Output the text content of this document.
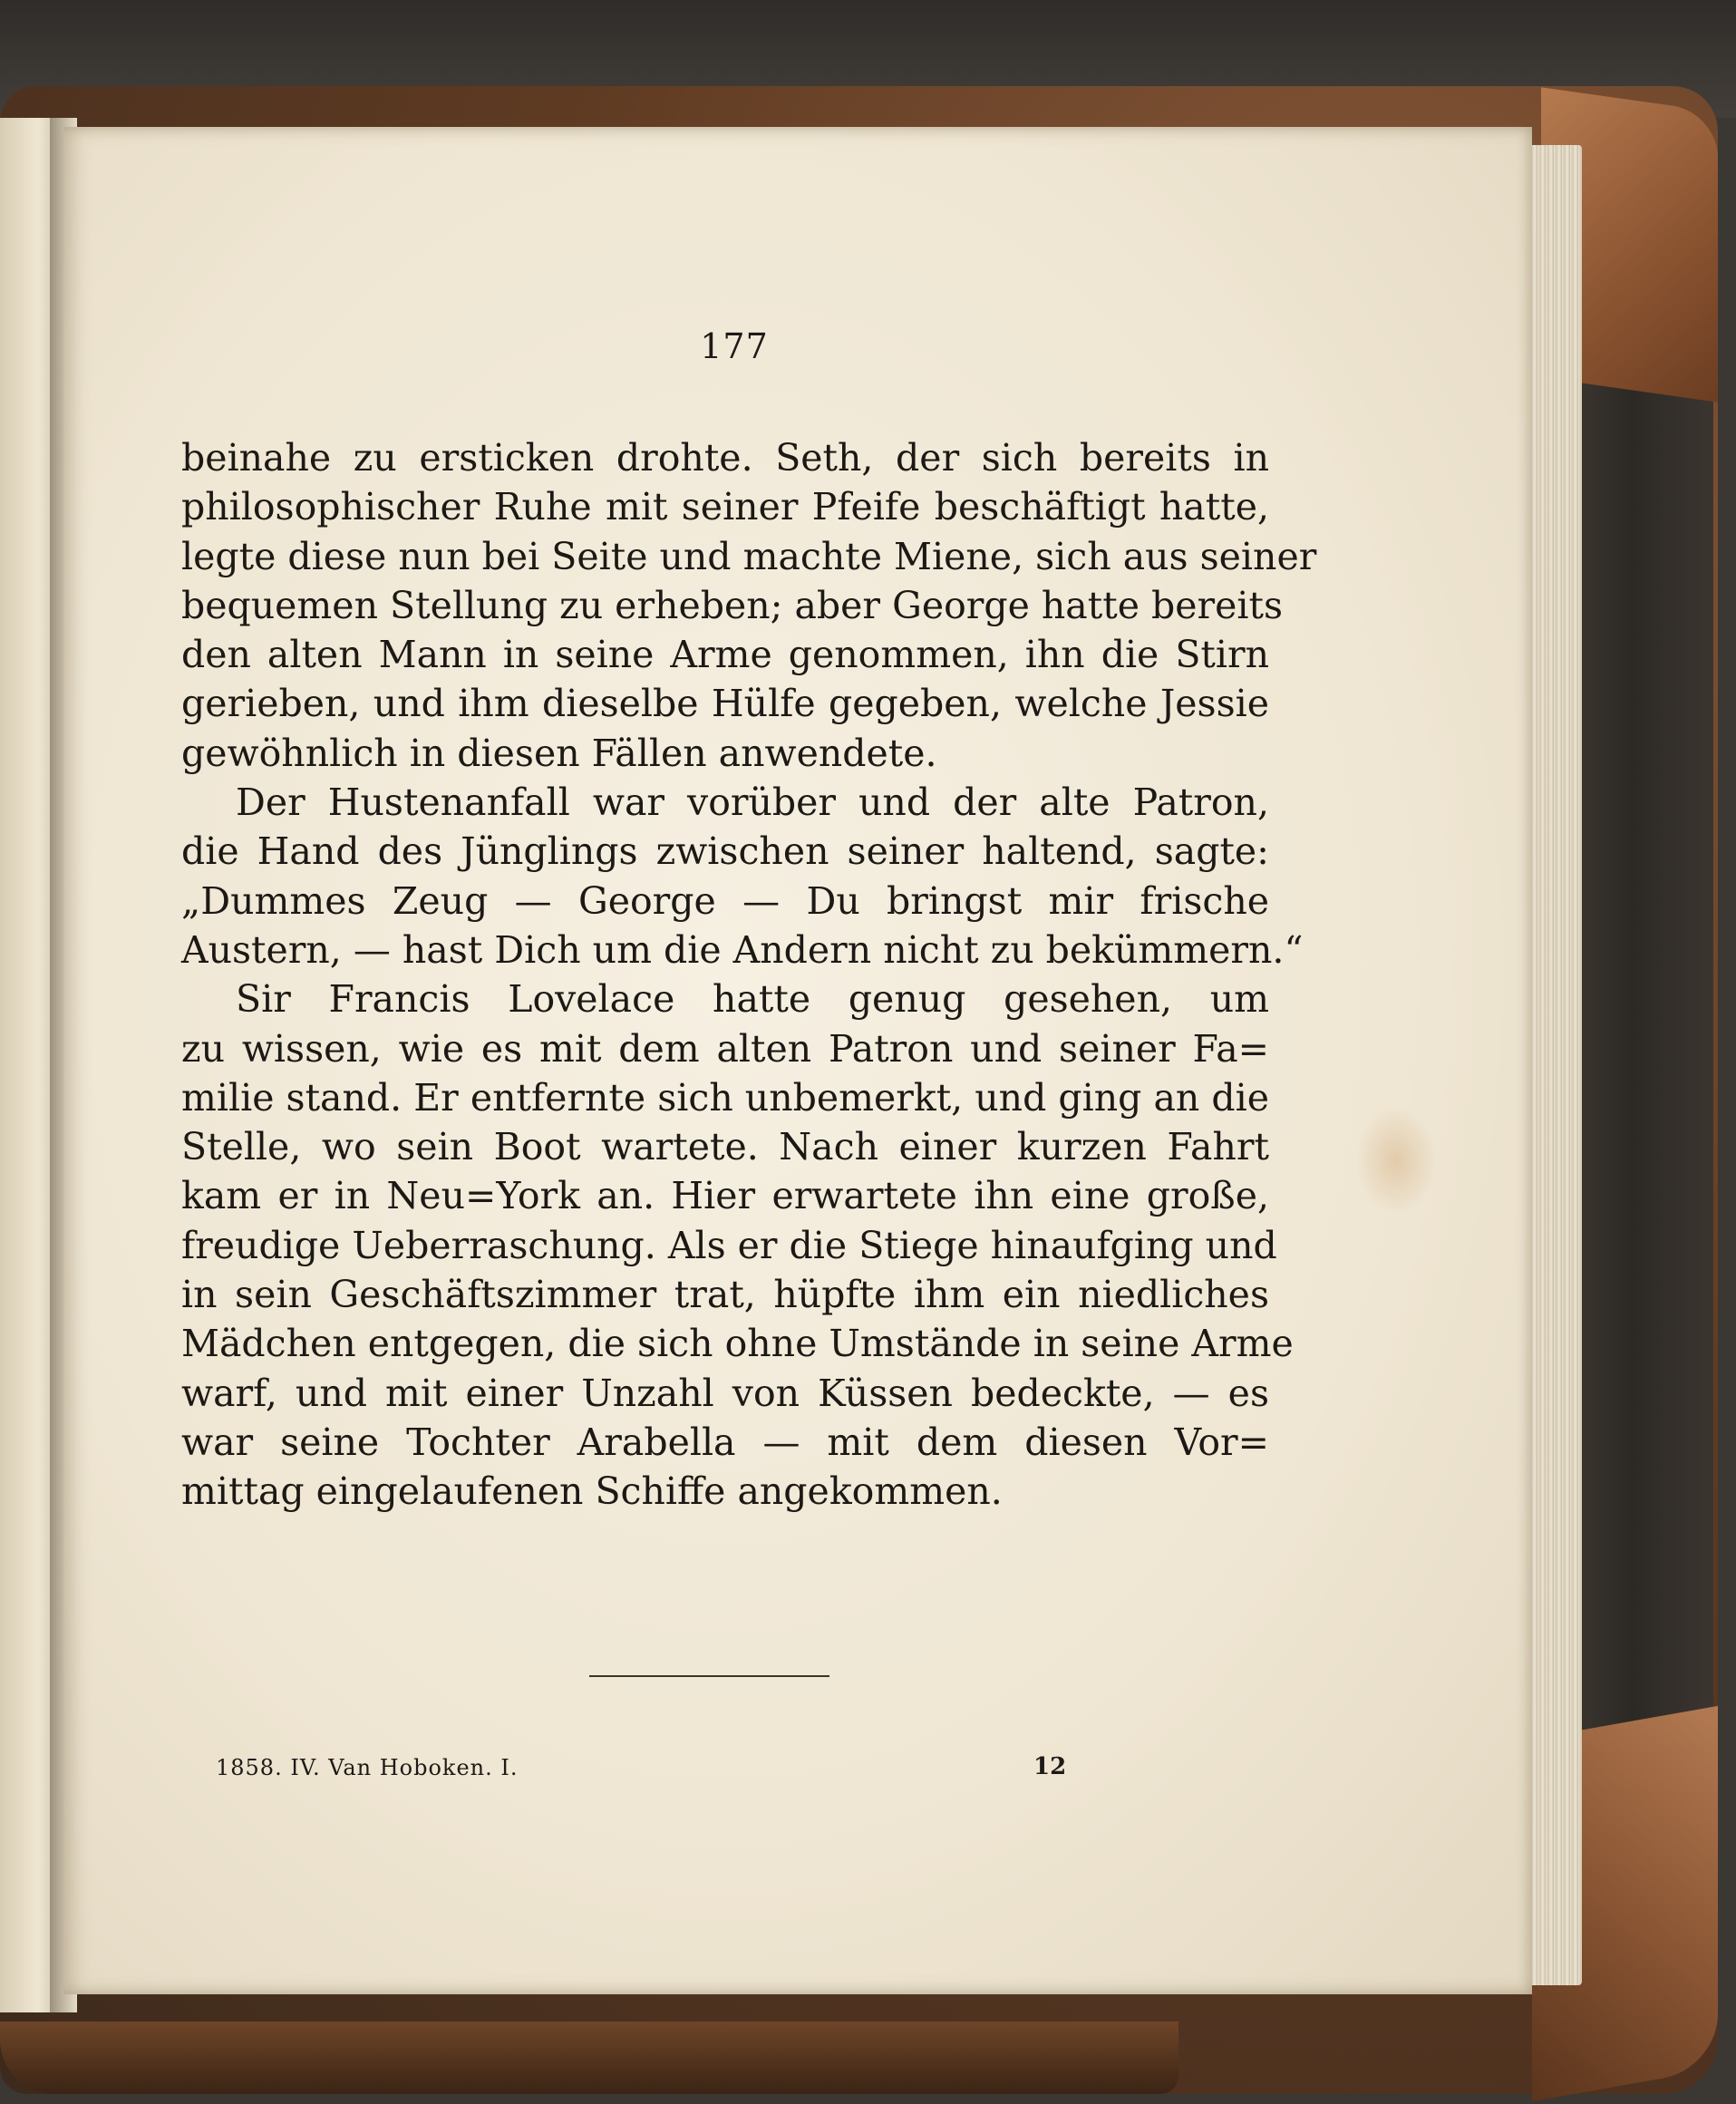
177
beinahe zu ersticken drohte. Seth, der sich bereits in
philosophischer Ruhe mit seiner Pfeife beschäftigt hatte,
legte diese nun bei Seite und machte Miene, sich aus seiner
bequemen Stellung zu erheben; aber George hatte bereits
den alten Mann in seine Arme genommen, ihn die Stirn
gerieben, und ihm dieselbe Hülfe gegeben, welche Jessie
gewöhnlich in diesen Fällen anwendete.
Der Hustenanfall war vorüber und der alte Patron,
die Hand des Jünglings zwischen seiner haltend, sagte:
„Dummes Zeug — George — Du bringst mir frische
Austern, — hast Dich um die Andern nicht zu bekümmern.“
Sir Francis Lovelace hatte genug gesehen, um
zu wissen, wie es mit dem alten Patron und seiner Fa=
milie stand. Er entfernte sich unbemerkt, und ging an die
Stelle, wo sein Boot wartete. Nach einer kurzen Fahrt
kam er in Neu=York an. Hier erwartete ihn eine große,
freudige Ueberraschung. Als er die Stiege hinaufging und
in sein Geschäftszimmer trat, hüpfte ihm ein niedliches
Mädchen entgegen, die sich ohne Umstände in seine Arme
warf, und mit einer Unzahl von Küssen bedeckte, — es
war seine Tochter Arabella — mit dem diesen Vor=
mittag eingelaufenen Schiffe angekommen.
1858. IV. Van Hoboken. I.	12
